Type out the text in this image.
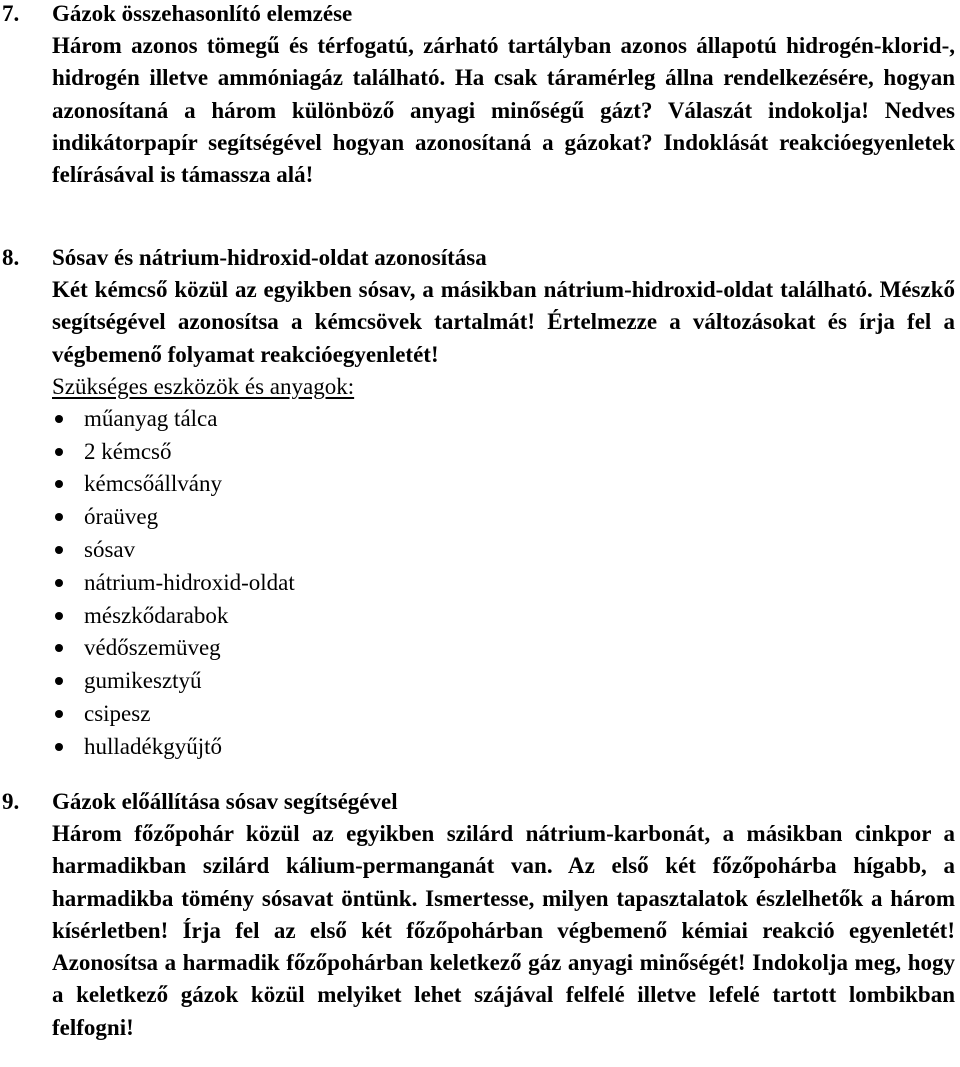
7. Gázok összehasonlító elemzése
Három azonos tömegű és térfogatú, zárható tartályban azonos állapotú hidrogén-klorid-, hidrogén illetve ammóniagáz található. Ha csak táramérleg állna rendelkezésére, hogyan azonosítaná a három különböző anyagi minőségű gázt? Válaszát indokolja! Nedves indikátorpapír segítségével hogyan azonosítaná a gázokat? Indoklását reakcióegyenletek felírásával is támassza alá!
8. Sósav és nátrium-hidroxid-oldat azonosítása
Két kémcső közül az egyikben sósav, a másikban nátrium-hidroxid-oldat található. Mészkő segítségével azonosítsa a kémcsövek tartalmát! Értelmezze a változásokat és írja fel a végbemenő folyamat reakcióegyenletét!
Szükséges eszközök és anyagok:
műanyag tálca
2 kémcső
kémcsőállvány
óraüveg
sósav
nátrium-hidroxid-oldat
mészkődarabok
védőszemüveg
gumikesztyű
csipesz
hulladékgyűjtő
9. Gázok előállítása sósav segítségével
Három főzőpohár közül az egyikben szilárd nátrium-karbonát, a másikban cinkpor a harmadikban szilárd kálium-permanganát van. Az első két főzőpohárba hígabb, a harmadikba tömény sósavat öntünk. Ismertesse, milyen tapasztalatok észlelhetők a három kísérletben! Írja fel az első két főzőpohárban végbemenő kémiai reakció egyenletét! Azonosítsa a harmadik főzőpohárban keletkező gáz anyagi minőségét! Indokolja meg, hogy a keletkező gázok közül melyiket lehet szájával felfelé illetve lefelé tartott lombikban felfogni!
